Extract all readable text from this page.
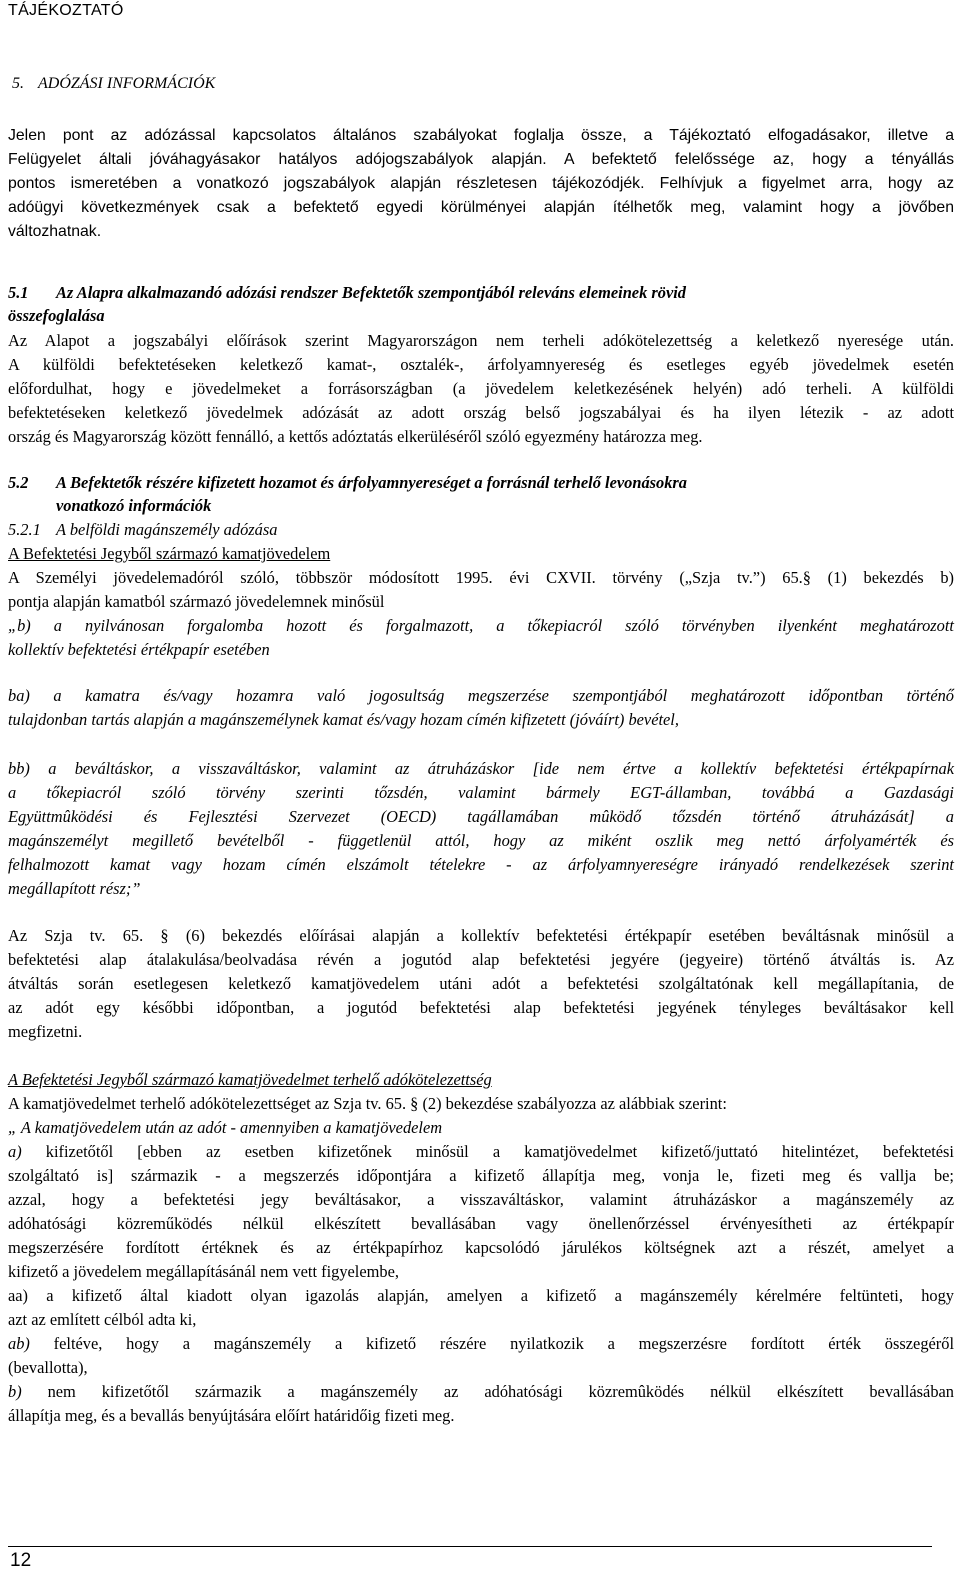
TÁJÉKOZTATÓ
5. ADÓZÁSI INFORMÁCIÓK
Jelen pont az adózással kapcsolatos általános szabályokat foglalja össze, a Tájékoztató elfogadásakor, illetve a
Felügyelet általi jóváhagyásakor hatályos adójogszabályok alapján. A befektető felelőssége az, hogy a tényállás
pontos ismeretében a vonatkozó jogszabályok alapján részletesen tájékozódjék. Felhívjuk a figyelmet arra, hogy az
adóügyi következmények csak a befektető egyedi körülményei alapján ítélhetők meg, valamint hogy a jövőben
változhatnak.
5.1	Az Alapra alkalmazandó adózási rendszer Befektetők szempontjából releváns elemeinek rövid
összefoglalása
Az Alapot a jogszabályi előírások szerint Magyarországon nem terheli adókötelezettség a keletkező nyeresége után.
A külföldi befektetéseken keletkező kamat-, osztalék-, árfolyamnyereség és esetleges egyéb jövedelmek esetén
előfordulhat, hogy e jövedelmeket a forrásországban (a jövedelem keletkezésének helyén) adó terheli. A külföldi
befektetéseken keletkező jövedelmek adózását az adott ország belső jogszabályai és ha ilyen létezik - az adott
ország és Magyarország között fennálló, a kettős adóztatás elkerüléséről szóló egyezmény határozza meg.
5.2	A Befektetők részére kifizetett hozamot és árfolyamnyereséget a forrásnál terhelő levonásokra
vonatkozó információk
5.2.1 A belföldi magánszemély adózása
A Befektetési Jegyből származó kamatjövedelem
A Személyi jövedelemadóról szóló, többször módosított 1995. évi CXVII. törvény („Szja tv.”) 65.§ (1) bekezdés b)
pontja alapján kamatból származó jövedelemnek minősül
„b) a nyilvánosan forgalomba hozott és forgalmazott, a tőkepiacról szóló törvényben ilyenként meghatározott
kollektív befektetési értékpapír esetében
ba) a kamatra és/vagy hozamra való jogosultság megszerzése szempontjából meghatározott időpontban történő
tulajdonban tartás alapján a magánszemélynek kamat és/vagy hozam címén kifizetett (jóváírt) bevétel,
bb) a beváltáskor, a visszaváltáskor, valamint az átruházáskor [ide nem értve a kollektív befektetési értékpapírnak
a tőkepiacról szóló törvény szerinti tőzsdén, valamint bármely EGT-államban, továbbá a Gazdasági
Együttmûködési és Fejlesztési Szervezet (OECD) tagállamában mûködő tőzsdén történő átruházását] a
magánszemélyt megillető bevételből - függetlenül attól, hogy az miként oszlik meg nettó árfolyamérték és
felhalmozott kamat vagy hozam címén elszámolt tételekre - az árfolyamnyereségre irányadó rendelkezések szerint
megállapított rész;”
Az Szja tv. 65. § (6) bekezdés előírásai alapján a kollektív befektetési értékpapír esetében beváltásnak minősül a
befektetési alap átalakulása/beolvadása révén a jogutód alap befektetési jegyére (jegyeire) történő átváltás is. Az
átváltás során esetlegesen keletkező kamatjövedelem utáni adót a befektetési szolgáltatónak kell megállapítania, de
az adót egy későbbi időpontban, a jogutód befektetési alap befektetési jegyének tényleges beváltásakor kell
megfizetni.
A Befektetési Jegyből származó kamatjövedelmet terhelő adókötelezettség
A kamatjövedelmet terhelő adókötelezettséget az Szja tv. 65. § (2) bekezdése szabályozza az alábbiak szerint:
„ A kamatjövedelem után az adót - amennyiben a kamatjövedelem
a) kifizetőtől [ebben az esetben kifizetőnek minősül a kamatjövedelmet kifizető/juttató hitelintézet, befektetési
szolgáltató is] származik - a megszerzés időpontjára a kifizető állapítja meg, vonja le, fizeti meg és vallja be;
azzal, hogy a befektetési jegy beváltásakor, a visszaváltáskor, valamint átruházáskor a magánszemély az
adóhatósági közreműködés nélkül elkészített bevallásában vagy önellenőrzéssel érvényesítheti az értékpapír
megszerzésére fordított értéknek és az értékpapírhoz kapcsolódó járulékos költségnek azt a részét, amelyet a
kifizető a jövedelem megállapításánál nem vett figyelembe,
aa) a kifizető által kiadott olyan igazolás alapján, amelyen a kifizető a magánszemély kérelmére feltünteti, hogy
azt az említett célból adta ki,
ab) feltéve, hogy a magánszemély a kifizető részére nyilatkozik a megszerzésre fordított érték összegéről
(bevallotta),
b) nem kifizetőtől származik a magánszemély az adóhatósági közremûködés nélkül elkészített bevallásában
állapítja meg, és a bevallás benyújtására előírt határidőig fizeti meg.
12
